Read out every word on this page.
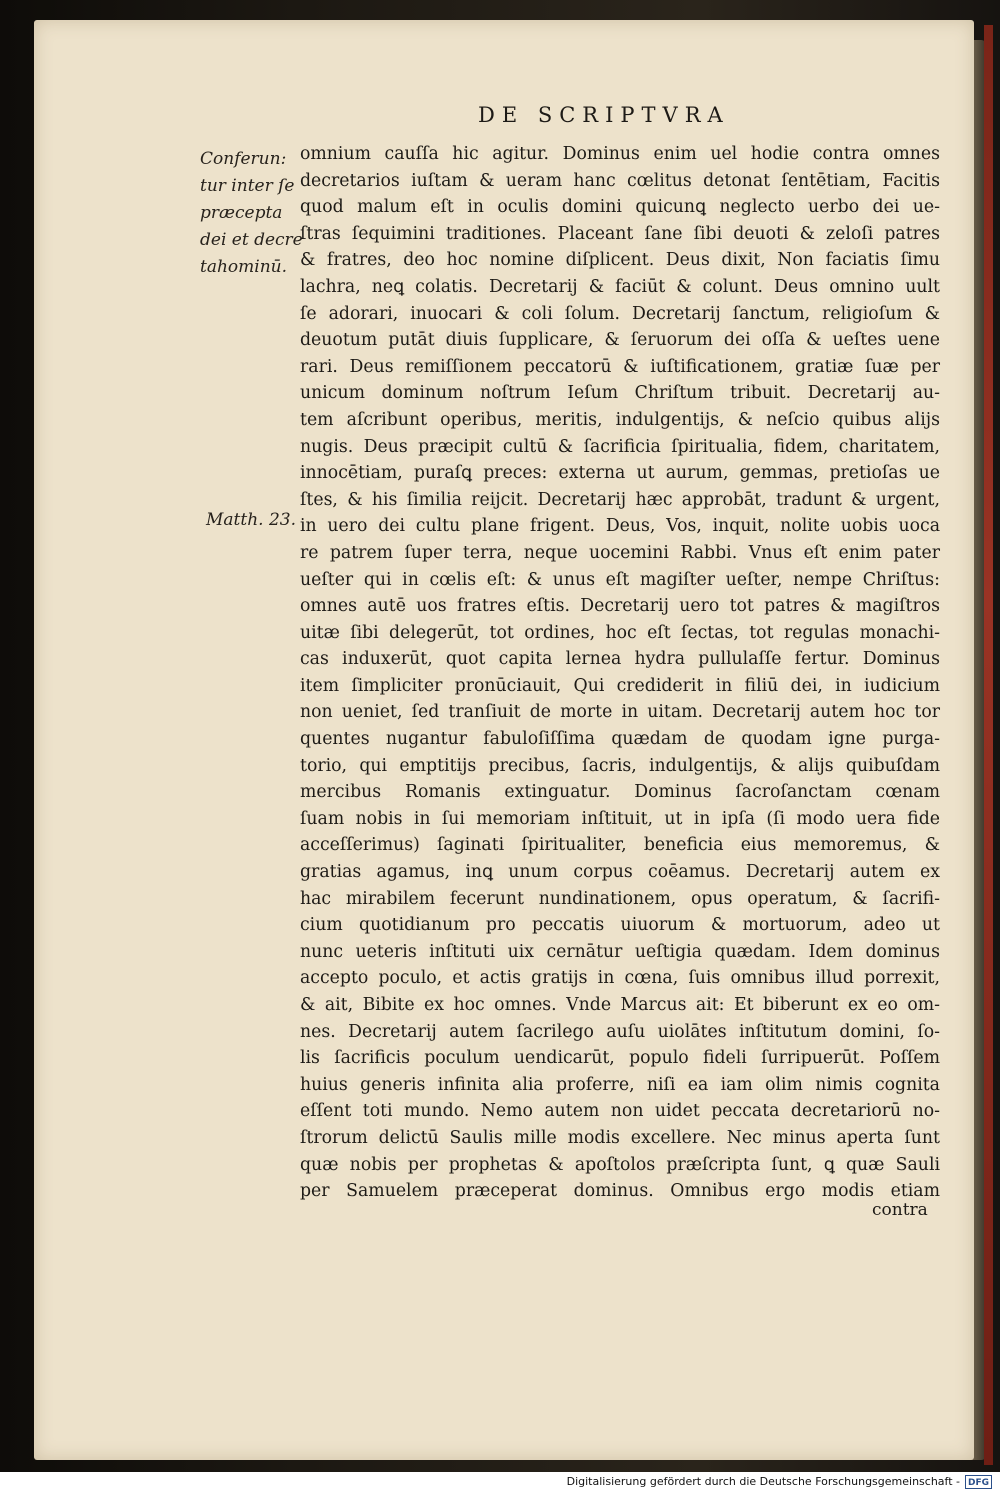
DE SCRIPTVRA
Conferun:
tur inter ſe
præcepta
dei et decre
tahominū.
Matth. 23.
omnium cauſſa hic agitur. Dominus enim uel hodie contra omnes
decretarios iuſtam & ueram hanc cœlitus detonat ſentētiam, Facitis
quod malum eſt in oculis domini quicunꝗ neglecto uerbo dei ue-
ſtras ſequimini traditiones. Placeant ſane ſibi deuoti & zeloſi patres
& fratres, deo hoc nomine diſplicent. Deus dixit, Non faciatis ſimu
lachra, neꝗ colatis. Decretarij & faciūt & colunt. Deus omnino uult
ſe adorari, inuocari & coli ſolum. Decretarij ſanctum, religioſum &
deuotum putāt diuis ſupplicare, & ſeruorum dei oſſa & ueſtes uene
rari. Deus remiſſionem peccatorū & iuſtificationem, gratiæ ſuæ per
unicum dominum noſtrum Ieſum Chriſtum tribuit. Decretarij au-
tem aſcribunt operibus, meritis, indulgentijs, & neſcio quibus alijs
nugis. Deus præcipit cultū & ſacrificia ſpiritualia, fidem, charitatem,
innocētiam, puraſꝗ preces: externa ut aurum, gemmas, pretioſas ue
ſtes, & his ſimilia reijcit. Decretarij hæc approbāt, tradunt & urgent,
in uero dei cultu plane frigent. Deus, Vos, inquit, nolite uobis uoca
re patrem ſuper terra, neque uocemini Rabbi. Vnus eſt enim pater
ueſter qui in cœlis eſt: & unus eſt magiſter ueſter, nempe Chriſtus:
omnes autē uos fratres eſtis. Decretarij uero tot patres & magiſtros
uitæ ſibi delegerūt, tot ordines, hoc eſt ſectas, tot regulas monachi-
cas induxerūt, quot capita lernea hydra pullulaſſe fertur. Dominus
item ſimpliciter pronūciauit, Qui crediderit in filiū dei, in iudicium
non ueniet, ſed tranſiuit de morte in uitam. Decretarij autem hoc tor
quentes nugantur fabuloſiſſima quædam de quodam igne purga-
torio, qui emptitijs precibus, ſacris, indulgentijs, & alijs quibuſdam
mercibus Romanis extinguatur. Dominus ſacroſanctam cœnam
ſuam nobis in ſui memoriam inſtituit, ut in ipſa (ſi modo uera fide
acceſſerimus) ſaginati ſpiritualiter, beneficia eius memoremus, &
gratias agamus, inꝗ unum corpus coēamus. Decretarij autem ex
hac mirabilem fecerunt nundinationem, opus operatum, & ſacrifi-
cium quotidianum pro peccatis uiuorum & mortuorum, adeo ut
nunc ueteris inſtituti uix cernātur ueſtigia quædam. Idem dominus
accepto poculo, et actis gratijs in cœna, ſuis omnibus illud porrexit,
& ait, Bibite ex hoc omnes. Vnde Marcus ait: Et biberunt ex eo om-
nes. Decretarij autem ſacrilego auſu uiolātes inſtitutum domini, ſo-
lis ſacrificis poculum uendicarūt, populo fideli ſurripuerūt. Poſſem
huius generis infinita alia proferre, niſi ea iam olim nimis cognita
eſſent toti mundo. Nemo autem non uidet peccata decretariorū no-
ſtrorum delictū Saulis mille modis excellere. Nec minus aperta ſunt
quæ nobis per prophetas & apoſtolos præſcripta ſunt, ꝗ quæ Sauli
per Samuelem præceperat dominus. Omnibus ergo modis etiam
contra
Digitalisierung gefördert durch die Deutsche Forschungsgemeinschaft - DFG
